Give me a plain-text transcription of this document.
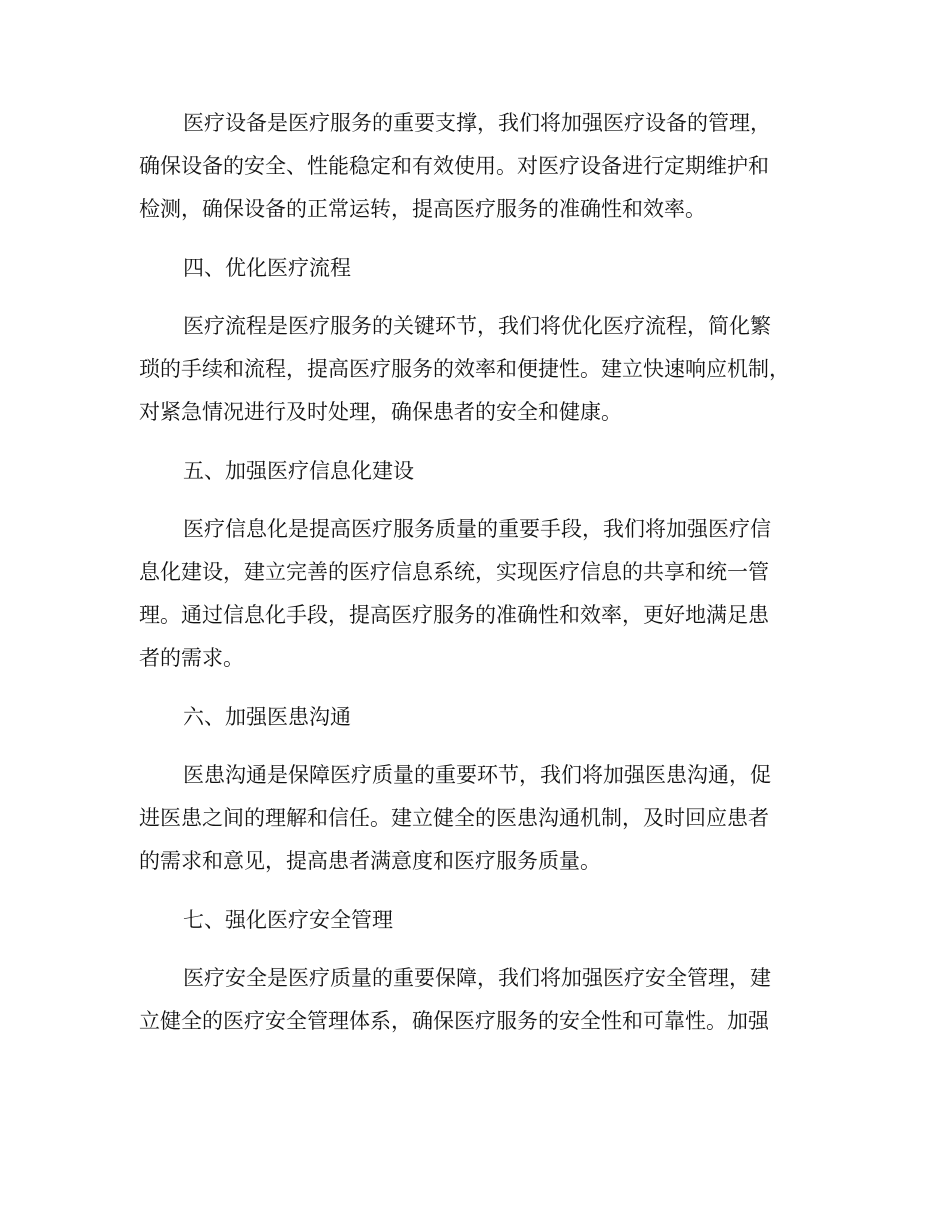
医疗设备是医疗服务的重要支撑，我们将加强医疗设备的管理，
确保设备的安全、性能稳定和有效使用。对医疗设备进行定期维护和
检测，确保设备的正常运转，提高医疗服务的准确性和效率。
四、优化医疗流程
医疗流程是医疗服务的关键环节，我们将优化医疗流程，简化繁
琐的手续和流程，提高医疗服务的效率和便捷性。建立快速响应机制，
对紧急情况进行及时处理，确保患者的安全和健康。
五、加强医疗信息化建设
医疗信息化是提高医疗服务质量的重要手段，我们将加强医疗信
息化建设，建立完善的医疗信息系统，实现医疗信息的共享和统一管
理。通过信息化手段，提高医疗服务的准确性和效率，更好地满足患
者的需求。
六、加强医患沟通
医患沟通是保障医疗质量的重要环节，我们将加强医患沟通，促
进医患之间的理解和信任。建立健全的医患沟通机制，及时回应患者
的需求和意见，提高患者满意度和医疗服务质量。
七、强化医疗安全管理
医疗安全是医疗质量的重要保障，我们将加强医疗安全管理，建
立健全的医疗安全管理体系，确保医疗服务的安全性和可靠性。加强
